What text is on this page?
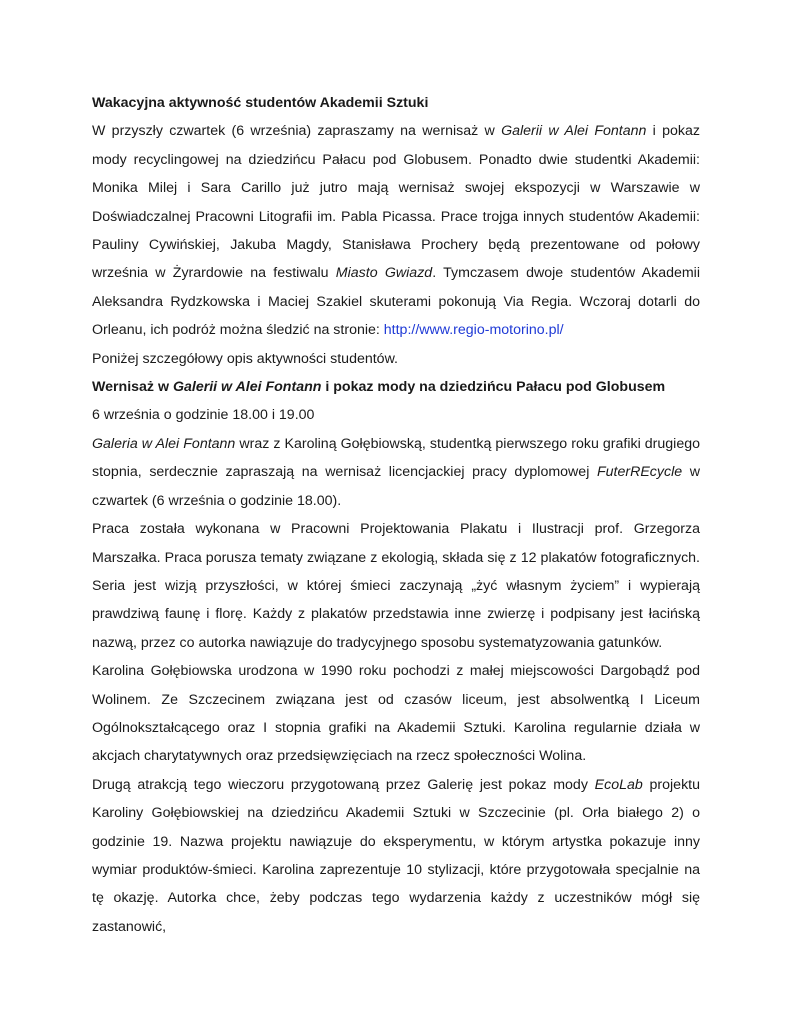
Wakacyjna aktywność studentów Akademii Sztuki

W przyszły czwartek (6 września) zapraszamy na wernisaż w Galerii w Alei Fontann i pokaz mody recyclingowej na dziedzińcu Pałacu pod Globusem. Ponadto dwie studentki Akademii: Monika Milej i Sara Carillo już jutro mają wernisaż swojej ekspozycji w Warszawie w Doświadczalnej Pracowni Litografii im. Pabla Picassa. Prace trojga innych studentów Akademii: Pauliny Cywińskiej, Jakuba Magdy, Stanisława Prochery będą prezentowane od połowy września w Żyrardowie na festiwalu Miasto Gwiazd. Tymczasem dwoje studentów Akademii Aleksandra Rydzkowska i Maciej Szakiel skuterami pokonują Via Regia. Wczoraj dotarli do Orleanu, ich podróż można śledzić na stronie: http://www.regio-motorino.pl/

Poniżej szczegółowy opis aktywności studentów.

Wernisaż w Galerii w Alei Fontann i pokaz mody na dziedzińcu Pałacu pod Globusem

6 września o godzinie 18.00 i 19.00

Galeria w Alei Fontann wraz z Karoliną Gołębiowską, studentką pierwszego roku grafiki drugiego stopnia, serdecznie zapraszają na wernisaż licencjackiej pracy dyplomowej FuterREcycle w czwartek (6 września o godzinie 18.00).

Praca została wykonana w Pracowni Projektowania Plakatu i Ilustracji prof. Grzegorza Marszałka. Praca porusza tematy związane z ekologią, składa się z 12 plakatów fotograficznych. Seria jest wizją przyszłości, w której śmieci zaczynają „żyć własnym życiem” i wypierają prawdziwą faunę i florę. Każdy z plakatów przedstawia inne zwierzę i podpisany jest łacińską nazwą, przez co autorka nawiązuje do tradycyjnego sposobu systematyzowania gatunków.

Karolina Gołębiowska urodzona w 1990 roku pochodzi z małej miejscowości Dargobądź pod Wolinem. Ze Szczecinem związana jest od czasów liceum, jest absolwentką I Liceum Ogólnokształcącego oraz I stopnia grafiki na Akademii Sztuki. Karolina regularnie działa w akcjach charytatywnych oraz przedsięwzięciach na rzecz społeczności Wolina.

Drugą atrakcją tego wieczoru przygotowaną przez Galerię jest pokaz mody EcoLab projektu Karoliny Gołębiowskiej na dziedzińcu Akademii Sztuki w Szczecinie (pl. Orła białego 2) o godzinie 19. Nazwa projektu nawiązuje do eksperymentu, w którym artystka pokazuje inny wymiar produktów-śmieci. Karolina zaprezentuje 10 stylizacji, które przygotowała specjalnie na tę okazję. Autorka chce, żeby podczas tego wydarzenia każdy z uczestników mógł się zastanowić,
